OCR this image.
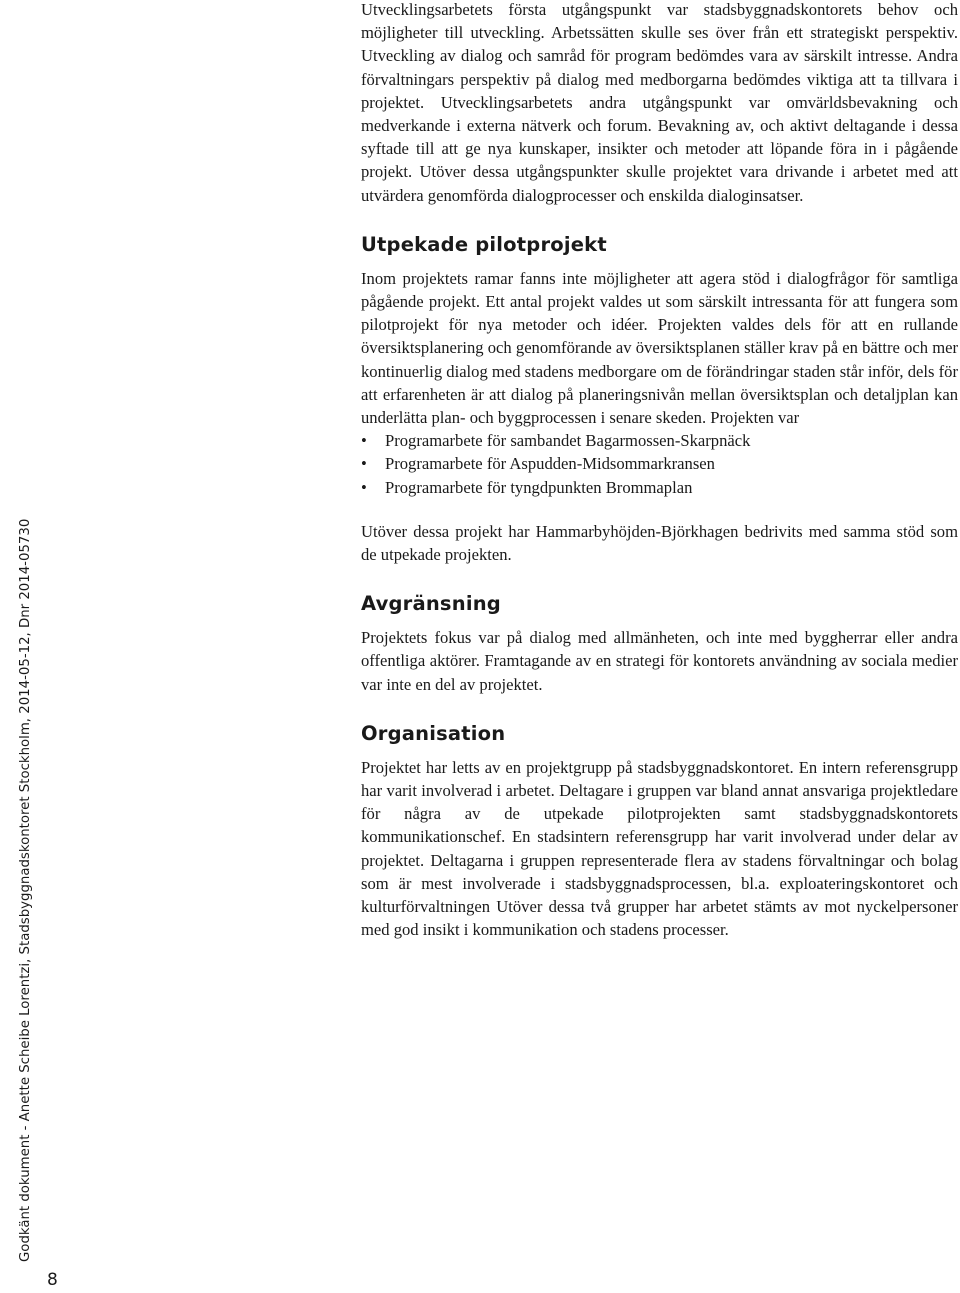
Utvecklingsarbetets första utgångspunkt var stadsbyggnadskontorets behov och möjligheter till utveckling. Arbetssätten skulle ses över från ett strategiskt perspektiv. Utveckling av dialog och samråd för program bedömdes vara av särskilt intresse. Andra förvaltningars perspektiv på dialog med medborgarna bedömdes viktiga att ta tillvara i projektet. Utvecklingsarbetets andra utgångspunkt var omvärldsbevakning och medverkande i externa nätverk och forum. Bevakning av, och aktivt deltagande i dessa syftade till att ge nya kunskaper, insikter och metoder att löpande föra in i pågående projekt. Utöver dessa utgångspunkter skulle projektet vara drivande i arbetet med att utvärdera genomförda dialogprocesser och enskilda dialoginsatser.

Utpekade pilotprojekt

Inom projektets ramar fanns inte möjligheter att agera stöd i dialogfrågor för samtliga pågående projekt. Ett antal projekt valdes ut som särskilt intressanta för att fungera som pilotprojekt för nya metoder och idéer. Projekten valdes dels för att en rullande översiktsplanering och genomförande av översiktsplanen ställer krav på en bättre och mer kontinuerlig dialog med stadens medborgare om de förändringar staden står inför, dels för att erfarenheten är att dialog på planeringsnivån mellan översiktsplan och detaljplan kan underlätta plan- och byggprocessen i senare skeden. Projekten var

• Programarbete för sambandet Bagarmossen-Skarpnäck
• Programarbete för Aspudden-Midsommarkransen
• Programarbete för tyngdpunkten Brommaplan

Utöver dessa projekt har Hammarbyhöjden-Björkhagen bedrivits med samma stöd som de utpekade projekten.

Avgränsning

Projektets fokus var på dialog med allmänheten, och inte med byggherrar eller andra offentliga aktörer. Framtagande av en strategi för kontorets användning av sociala medier var inte en del av projektet.

Organisation

Projektet har letts av en projektgrupp på stadsbyggnadskontoret. En intern referensgrupp har varit involverad i arbetet. Deltagare i gruppen var bland annat ansvariga projektledare för några av de utpekade pilotprojekten samt stadsbyggnadskontorets kommunikationschef. En stadsintern referensgrupp har varit involverad under delar av projektet. Deltagarna i gruppen representerade flera av stadens förvaltningar och bolag som är mest involverade i stadsbyggnadsprocessen, bl.a. exploateringskontoret och kulturförvaltningen Utöver dessa två grupper har arbetet stämts av mot nyckelpersoner med god insikt i kommunikation och stadens processer.

Godkänt dokument - Anette Scheibe Lorentzi, Stadsbyggnadskontoret Stockholm, 2014-05-12, Dnr 2014-05730
8
